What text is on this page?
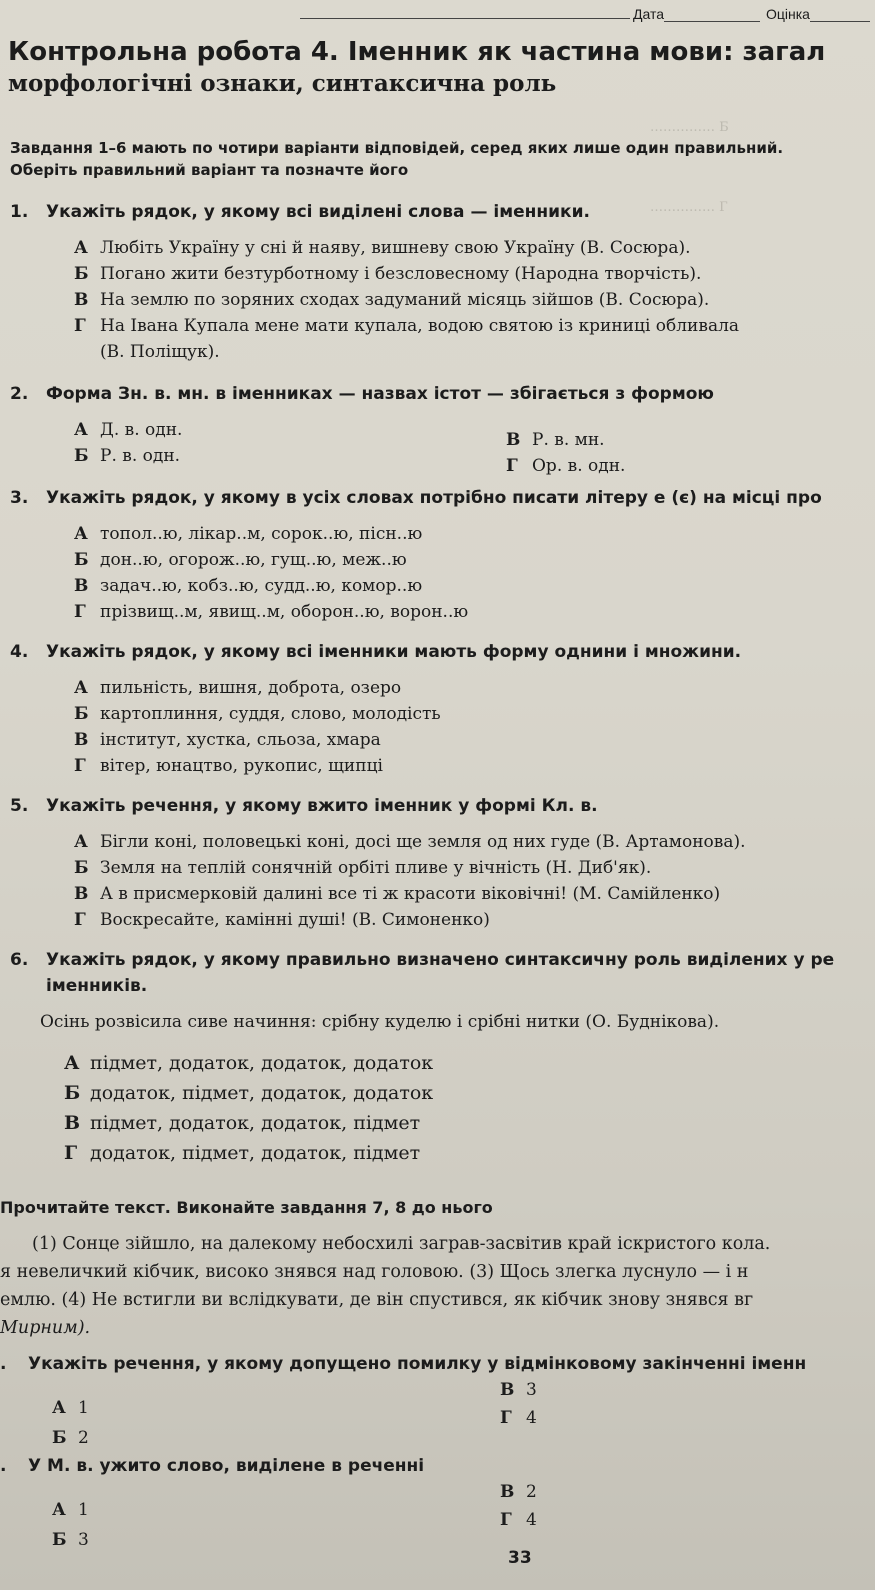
…………… Б
…………… Г
Дата	Оцінка
Контрольна робота 4. Іменник як частина мови: загал
морфологічні ознаки, синтаксична роль
Завдання 1–6 мають по чотири варіанти відповідей, серед яких лише один правильний.
Оберіть правильний варіант та позначте його
1. Укажіть рядок, у якому всі виділені слова — іменники.
А Любіть Україну у сні й наяву, вишневу свою Україну (В. Сосюра).
Б Погано жити безтурботному і безсловесному (Народна творчість).
В На землю по зоряних сходах задуманий місяць зійшов (В. Сосюра).
Г На Івана Купала мене мати купала, водою святою із криниці обливала
(В. Поліщук).
2. Форма Зн. в. мн. в іменниках — назвах істот — збігається з формою
А Д. в. одн.
Б Р. в. одн.
В Р. в. мн.
Г Ор. в. одн.
3. Укажіть рядок, у якому в усіх словах потрібно писати літеру е (є) на місці про
А топол..ю, лікар..м, сорок..ю, пісн..ю
Б дон..ю, огорож..ю, гущ..ю, меж..ю
В задач..ю, кобз..ю, судд..ю, комор..ю
Г прізвищ..м, явищ..м, оборон..ю, ворон..ю
4. Укажіть рядок, у якому всі іменники мають форму однини і множини.
А пильність, вишня, доброта, озеро
Б картоплиння, суддя, слово, молодість
В інститут, хустка, сльоза, хмара
Г вітер, юнацтво, рукопис, щипці
5. Укажіть речення, у якому вжито іменник у формі Кл. в.
А Бігли коні, половецькі коні, досі ще земля од них гуде (В. Артамонова).
Б Земля на теплій сонячній орбіті пливе у вічність (Н. Диб'як).
В А в присмерковій далині все ті ж красоти віковічні! (М. Самійленко)
Г Воскресайте, камінні душі! (В. Симоненко)
6. Укажіть рядок, у якому правильно визначено синтаксичну роль виділених у ре
іменників.
Осінь розвісила сиве начиння: срібну куделю і срібні нитки (О. Буднікова).
А підмет, додаток, додаток, додаток
Б додаток, підмет, додаток, додаток
В підмет, додаток, додаток, підмет
Г додаток, підмет, додаток, підмет
Прочитайте текст. Виконайте завдання 7, 8 до нього
(1) Сонце зійшло, на далекому небосхилі заграв-засвітив край іскристого кола.
я невеличкий кібчик, високо знявся над головою. (3) Щось злегка луснуло — і н
емлю. (4) Не встигли ви вслідкувати, де він спустився, як кібчик знову знявся вг
Мирним).
. Укажіть речення, у якому допущено помилку у відмінковому закінченні іменн
А 1
Б 2
В 3
Г 4
. У М. в. ужито слово, виділене в реченні
А 1
Б 3
В 2
Г 4
33
